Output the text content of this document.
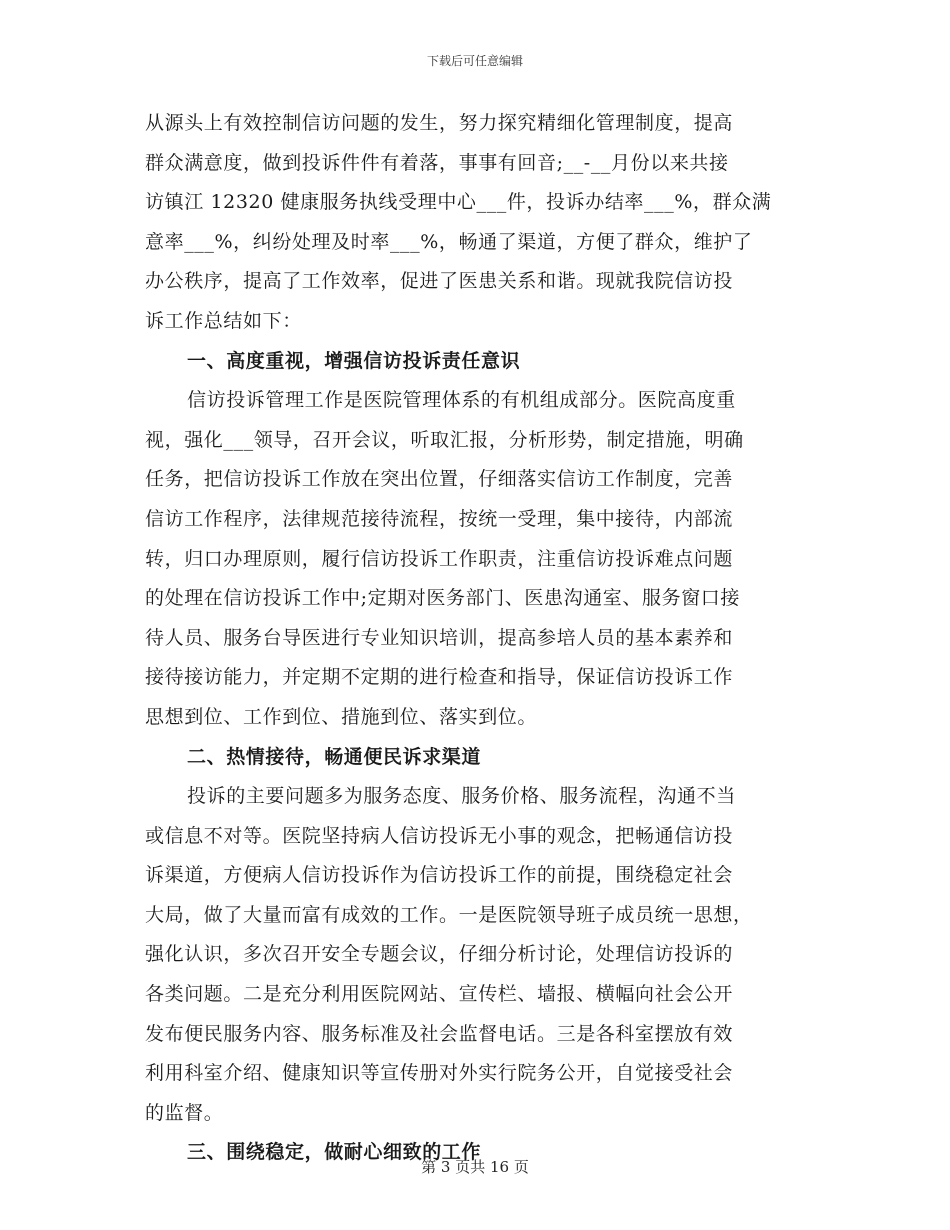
下载后可任意编辑
从源头上有效控制信访问题的发生，努力探究精细化管理制度，提高
群众满意度，做到投诉件件有着落，事事有回音;__-__月份以来共接
访镇江 12320 健康服务执线受理中心___件，投诉办结率___%，群众满
意率___%，纠纷处理及时率___%，畅通了渠道，方便了群众，维护了
办公秩序，提高了工作效率，促进了医患关系和谐。现就我院信访投
诉工作总结如下：
一、高度重视，增强信访投诉责任意识
信访投诉管理工作是医院管理体系的有机组成部分。医院高度重
视，强化___领导，召开会议，听取汇报，分析形势，制定措施，明确
任务，把信访投诉工作放在突出位置，仔细落实信访工作制度，完善
信访工作程序，法律规范接待流程，按统一受理，集中接待，内部流
转，归口办理原则，履行信访投诉工作职责，注重信访投诉难点问题
的处理在信访投诉工作中;定期对医务部门、医患沟通室、服务窗口接
待人员、服务台导医进行专业知识培训，提高参培人员的基本素养和
接待接访能力，并定期不定期的进行检查和指导，保证信访投诉工作
思想到位、工作到位、措施到位、落实到位。
二、热情接待，畅通便民诉求渠道
投诉的主要问题多为服务态度、服务价格、服务流程，沟通不当
或信息不对等。医院坚持病人信访投诉无小事的观念，把畅通信访投
诉渠道，方便病人信访投诉作为信访投诉工作的前提，围绕稳定社会
大局，做了大量而富有成效的工作。一是医院领导班子成员统一思想，
强化认识，多次召开安全专题会议，仔细分析讨论，处理信访投诉的
各类问题。二是充分利用医院网站、宣传栏、墙报、横幅向社会公开
发布便民服务内容、服务标准及社会监督电话。三是各科室摆放有效
利用科室介绍、健康知识等宣传册对外实行院务公开，自觉接受社会
的监督。
三、围绕稳定，做耐心细致的工作
第 3 页共 16 页
